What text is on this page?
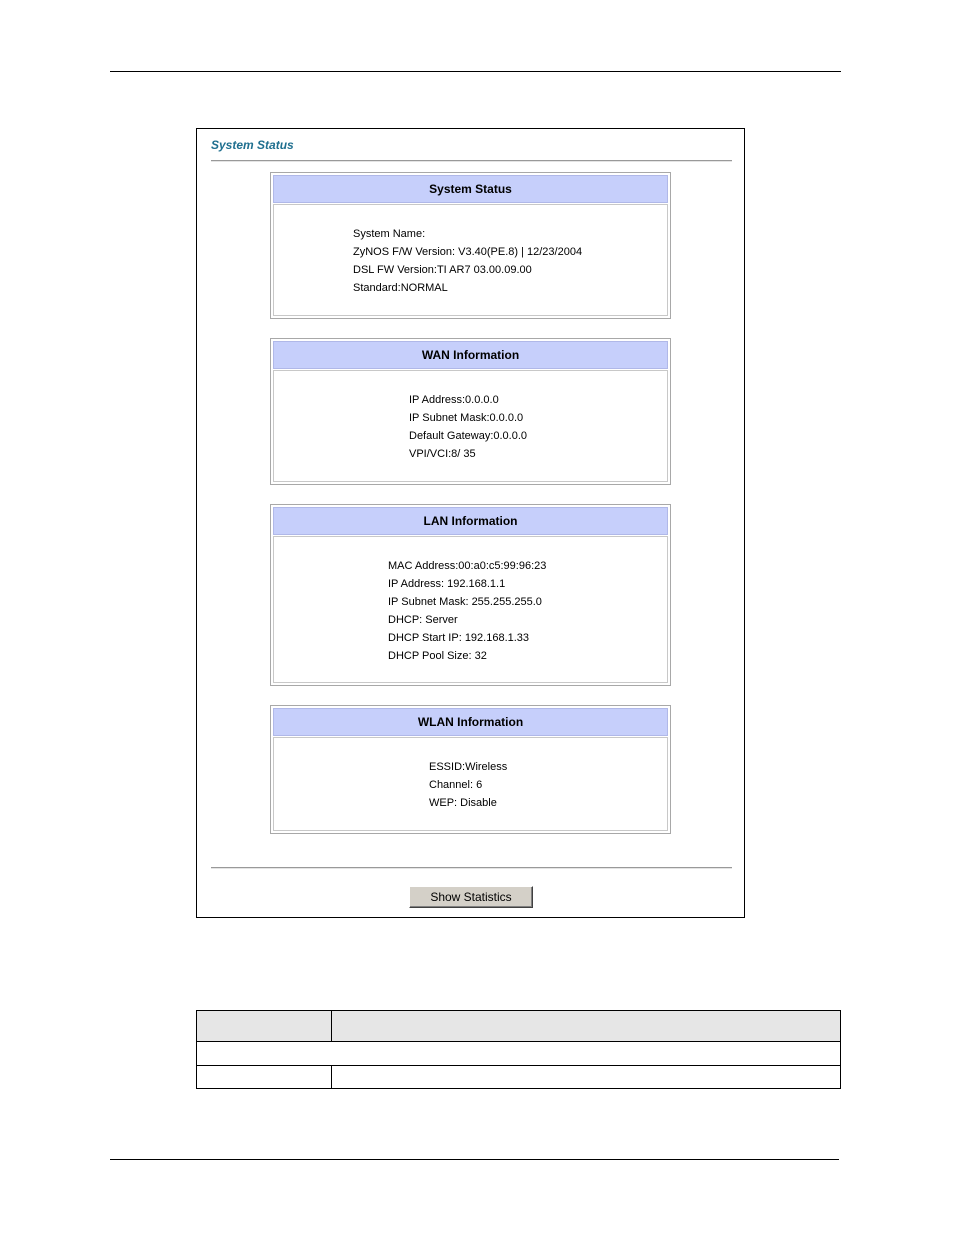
System Status
System Status
System Name:
ZyNOS F/W Version: V3.40(PE.8) | 12/23/2004
DSL FW Version:TI AR7 03.00.09.00
Standard:NORMAL
WAN Information
IP Address:0.0.0.0
IP Subnet Mask:0.0.0.0
Default Gateway:0.0.0.0
VPI/VCI:8/ 35
LAN Information
MAC Address:00:a0:c5:99:96:23
IP Address: 192.168.1.1
IP Subnet Mask: 255.255.255.0
DHCP: Server
DHCP Start IP: 192.168.1.33
DHCP Pool Size: 32
WLAN Information
ESSID:Wireless
Channel: 6
WEP: Disable
Show Statistics
